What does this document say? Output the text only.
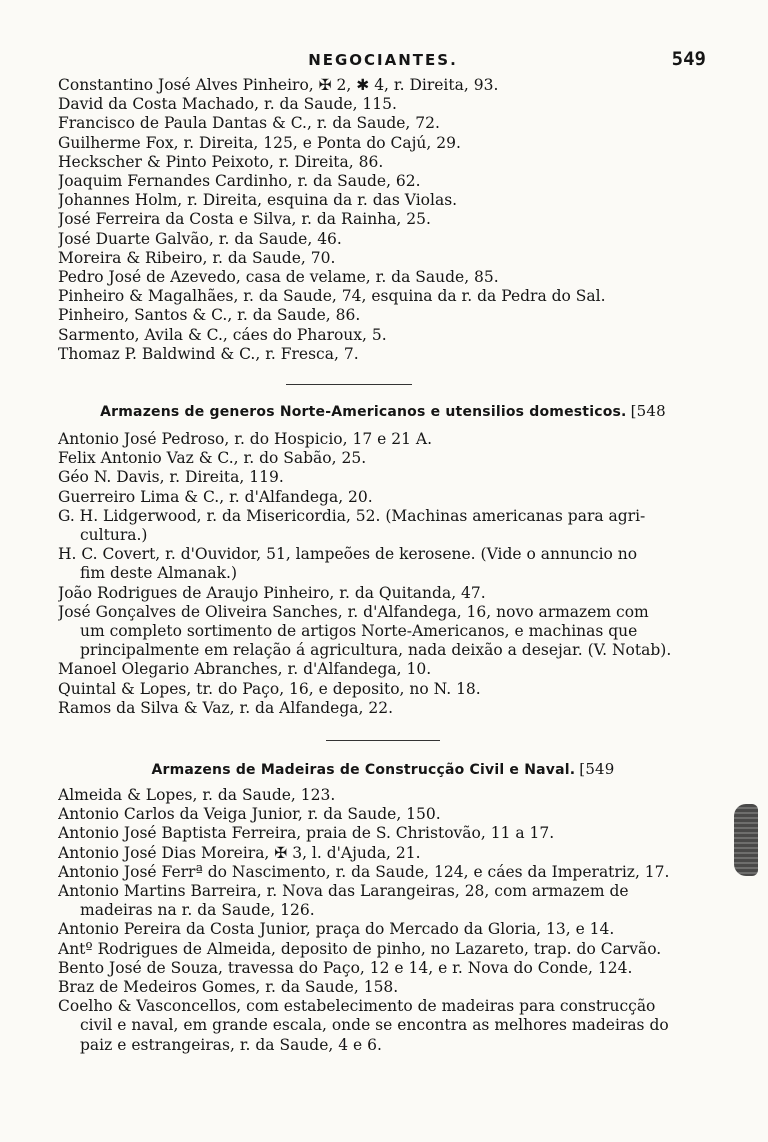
NEGOCIANTES.	549
Constantino José Alves Pinheiro, ✠ 2, ✱ 4, r. Direita, 93.
David da Costa Machado, r. da Saude, 115.
Francisco de Paula Dantas & C., r. da Saude, 72.
Guilherme Fox, r. Direita, 125, e Ponta do Cajú, 29.
Heckscher & Pinto Peixoto, r. Direita, 86.
Joaquim Fernandes Cardinho, r. da Saude, 62.
Johannes Holm, r. Direita, esquina da r. das Violas.
José Ferreira da Costa e Silva, r. da Rainha, 25.
José Duarte Galvão, r. da Saude, 46.
Moreira & Ribeiro, r. da Saude, 70.
Pedro José de Azevedo, casa de velame, r. da Saude, 85.
Pinheiro & Magalhães, r. da Saude, 74, esquina da r. da Pedra do Sal.
Pinheiro, Santos & C., r. da Saude, 86.
Sarmento, Avila & C., cáes do Pharoux, 5.
Thomaz P. Baldwind & C., r. Fresca, 7.
Armazens de generos Norte-Americanos e utensilios domesticos. [548
Antonio José Pedroso, r. do Hospicio, 17 e 21 A.
Felix Antonio Vaz & C., r. do Sabão, 25.
Géo N. Davis, r. Direita, 119.
Guerreiro Lima & C., r. d'Alfandega, 20.
G. H. Lidgerwood, r. da Misericordia, 52. (Machinas americanas para agri-
cultura.)
H. C. Covert, r. d'Ouvidor, 51, lampeões de kerosene. (Vide o annuncio no
fim deste Almanak.)
João Rodrigues de Araujo Pinheiro, r. da Quitanda, 47.
José Gonçalves de Oliveira Sanches, r. d'Alfandega, 16, novo armazem com
um completo sortimento de artigos Norte-Americanos, e machinas que
principalmente em relação á agricultura, nada deixão a desejar. (V. Notab).
Manoel Olegario Abranches, r. d'Alfandega, 10.
Quintal & Lopes, tr. do Paço, 16, e deposito, no N. 18.
Ramos da Silva & Vaz, r. da Alfandega, 22.
Armazens de Madeiras de Construcção Civil e Naval. [549
Almeida & Lopes, r. da Saude, 123.
Antonio Carlos da Veiga Junior, r. da Saude, 150.
Antonio José Baptista Ferreira, praia de S. Christovão, 11 a 17.
Antonio José Dias Moreira, ✠ 3, l. d'Ajuda, 21.
Antonio José Ferrª do Nascimento, r. da Saude, 124, e cáes da Imperatriz, 17.
Antonio Martins Barreira, r. Nova das Larangeiras, 28, com armazem de
madeiras na r. da Saude, 126.
Antonio Pereira da Costa Junior, praça do Mercado da Gloria, 13, e 14.
Antº Rodrigues de Almeida, deposito de pinho, no Lazareto, trap. do Carvão.
Bento José de Souza, travessa do Paço, 12 e 14, e r. Nova do Conde, 124.
Braz de Medeiros Gomes, r. da Saude, 158.
Coelho & Vasconcellos, com estabelecimento de madeiras para construcção
civil e naval, em grande escala, onde se encontra as melhores madeiras do
paiz e estrangeiras, r. da Saude, 4 e 6.
